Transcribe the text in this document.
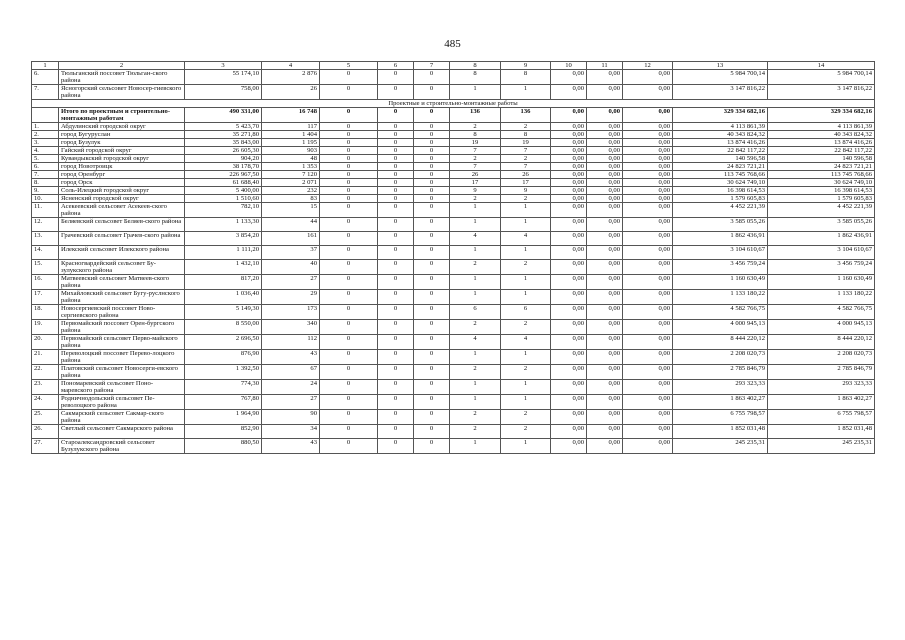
485
1	2	3	4	5	6	7	8	9	10	11	12	13	14
6.	Тюльганский поссовет Тюльган-ского района	55 174,10	2 876	0	0	0	8	8	0,00	0,00	0,00	5 984 700,14	5 984 700,14
7.	Ясногорский сельсовет Новосер-гиевского района	758,00	26	0	0	0	1	1	0,00	0,00	0,00	3 147 816,22	3 147 816,22
Проектные и строительно-монтажные работы													
	Итого по проектным и строительно-монтажным работам	490 331,00	16 748	0	0	0	136	136	0,00	0,00	0,00	329 334 682,16	329 334 682,16
1.	Абдулинский городской округ	5 423,70	117	0	0	0	2	2	0,00	0,00	0,00	4 113 861,39	4 113 861,39
2.	город Бугуруслан	35 271,80	1 404	0	0	0	8	8	0,00	0,00	0,00	40 343 824,32	40 343 824,32
3.	город Бузулук	35 843,00	1 195	0	0	0	19	19	0,00	0,00	0,00	13 874 416,26	13 874 416,26
4.	Гайский городской округ	26 605,30	903	0	0	0	7	7	0,00	0,00	0,00	22 842 117,22	22 842 117,22
5.	Кувандыкский городской округ	904,20	48	0	0	0	2	2	0,00	0,00	0,00	140 596,58	140 596,58
6.	город Новотроицк	38 178,70	1 353	0	0	0	7	7	0,00	0,00	0,00	24 823 721,21	24 823 721,21
7.	город Оренбург	226 967,50	7 120	0	0	0	26	26	0,00	0,00	0,00	113 745 768,66	113 745 768,66
8.	город Орск	61 688,40	2 071	0	0	0	17	17	0,00	0,00	0,00	30 624 749,10	30 624 749,10
9.	Соль-Илецкий городской округ	5 400,00	232	0	0	0	9	9	0,00	0,00	0,00	16 398 614,53	16 398 614,53
10.	Ясненский городской округ	1 510,60	83	0	0	0	2	2	0,00	0,00	0,00	1 579 605,83	1 579 605,83
11.	Асекеевский сельсовет Асекеев-ского района	782,10	15	0	0	0	1	1	0,00	0,00	0,00	4 452 221,39	4 452 221,39
12.	Беляевский сельсовет Беляев-ского района	1 133,30	44	0	0	0	1	1	0,00	0,00	0,00	3 585 055,26	3 585 055,26
13.	Грачевский сельсовет Грачев-ского района	3 854,20	161	0	0	0	4	4	0,00	0,00	0,00	1 862 436,91	1 862 436,91
14.	Илекский сельсовет Илекского района	1 111,20	37	0	0	0	1	1	0,00	0,00	0,00	3 104 610,67	3 104 610,67
15.	Красногвардейский сельсовет Бу-зулукского района	1 432,10	40	0	0	0	2	2	0,00	0,00	0,00	3 456 759,24	3 456 759,24
16.	Матвеевский сельсовет Матвеев-ского района	817,20	27	0	0	0	1	1	0,00	0,00	0,00	1 160 630,49	1 160 630,49
17.	Михайловский сельсовет Бугу-руслнского района	1 036,40	29	0	0	0	1	1	0,00	0,00	0,00	1 133 180,22	1 133 180,22
18.	Новосергиевский поссовет Ново-сергиевского района	5 149,30	173	0	0	0	6	6	0,00	0,00	0,00	4 582 766,75	4 582 766,75
19.	Первомайский поссовет Орен-бургского района	8 550,00	340	0	0	0	2	2	0,00	0,00	0,00	4 000 945,13	4 000 945,13
20.	Первомайский сельсовет Перво-майского района	2 696,50	112	0	0	0	4	4	0,00	0,00	0,00	8 444 220,12	8 444 220,12
21.	Переволоцкий поссовет Перево-лоцкого района	876,90	43	0	0	0	1	1	0,00	0,00	0,00	2 208 020,73	2 208 020,73
22.	Платовский сельсовет Новосерги-евского района	1 392,50	67	0	0	0	2	2	0,00	0,00	0,00	2 785 846,79	2 785 846,79
23.	Пономаревский сельсовет Поно-маревского района	774,30	24	0	0	0	1	1	0,00	0,00	0,00	293 323,33	293 323,33
24.	Родничнодольский сельсовет Пе-револоцкого района	767,80	27	0	0	0	1	1	0,00	0,00	0,00	1 863 402,27	1 863 402,27
25.	Сакмарский сельсовет Сакмар-ского района	1 964,90	90	0	0	0	2	2	0,00	0,00	0,00	6 755 798,57	6 755 798,57
26.	Светлый сельсовет Сакмарского района	852,90	34	0	0	0	2	2	0,00	0,00	0,00	1 852 031,48	1 852 031,48
27.	Староалександровский сельсовет Бузулукского района	880,50	43	0	0	0	1	1	0,00	0,00	0,00	245 235,31	245 235,31
